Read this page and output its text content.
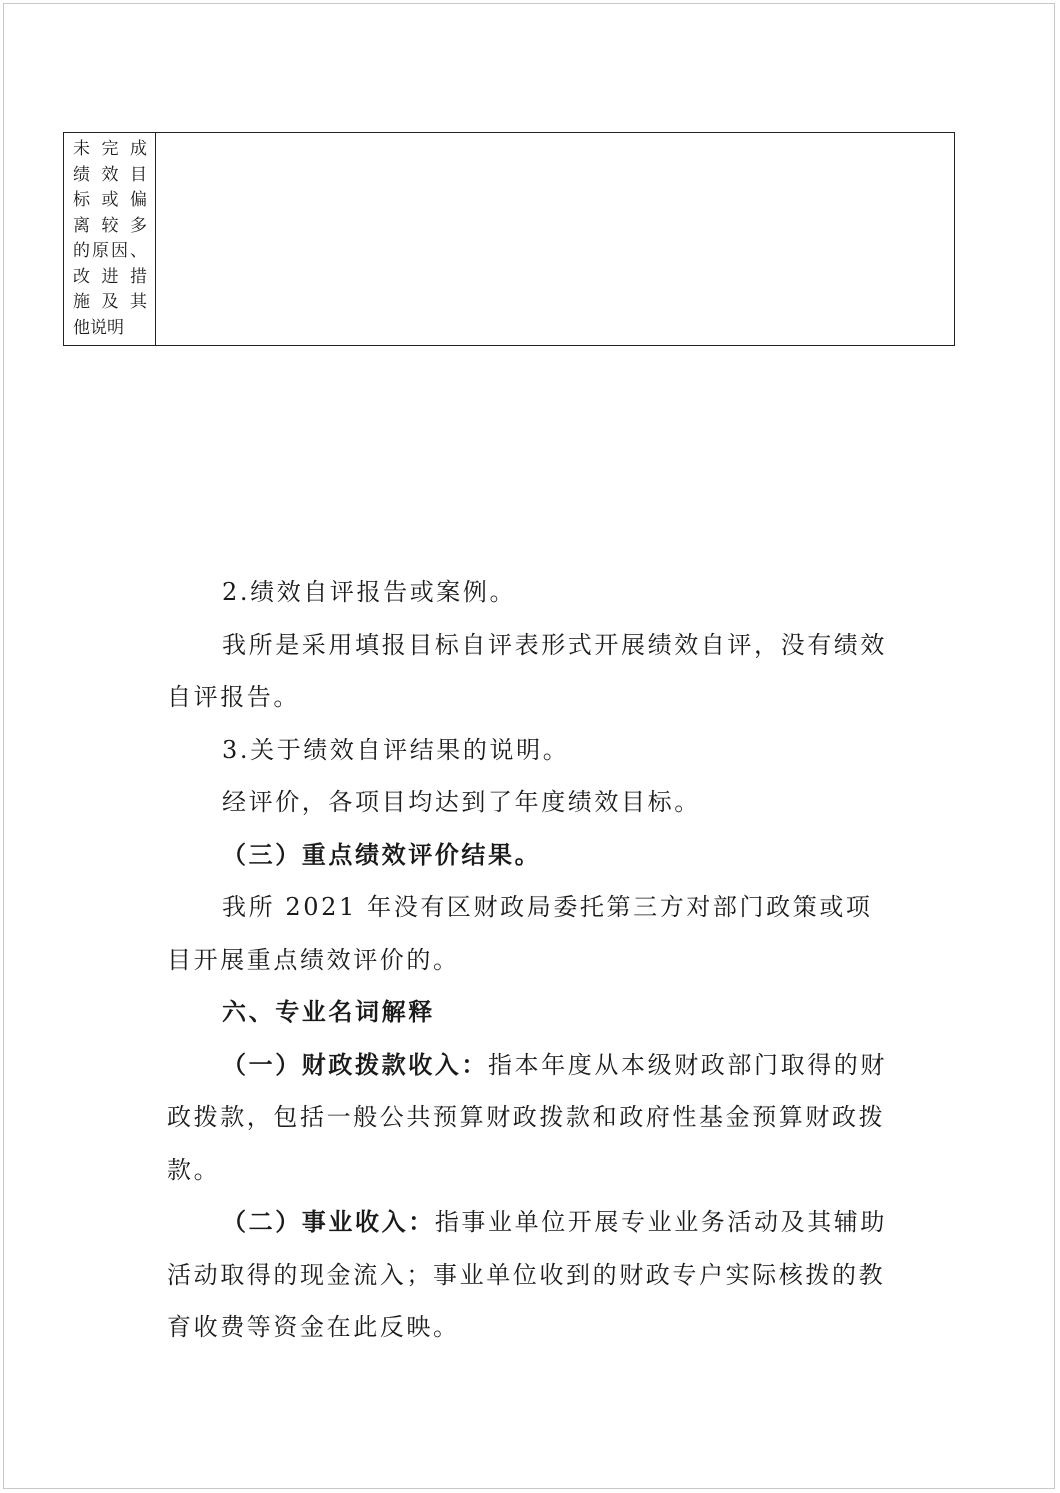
未 完 成
绩 效 目
标 或 偏
离 较 多
的原因、
改 进 措
施 及 其
他说明

2.绩效自评报告或案例。

我所是采用填报目标自评表形式开展绩效自评，没有绩效自评报告。

3.关于绩效自评结果的说明。

经评价，各项目均达到了年度绩效目标。

（三）重点绩效评价结果。

我所 2021 年没有区财政局委托第三方对部门政策或项目开展重点绩效评价的。

六、专业名词解释

（一）财政拨款收入：指本年度从本级财政部门取得的财政拨款，包括一般公共预算财政拨款和政府性基金预算财政拨款。

（二）事业收入：指事业单位开展专业业务活动及其辅助活动取得的现金流入；事业单位收到的财政专户实际核拨的教育收费等资金在此反映。
